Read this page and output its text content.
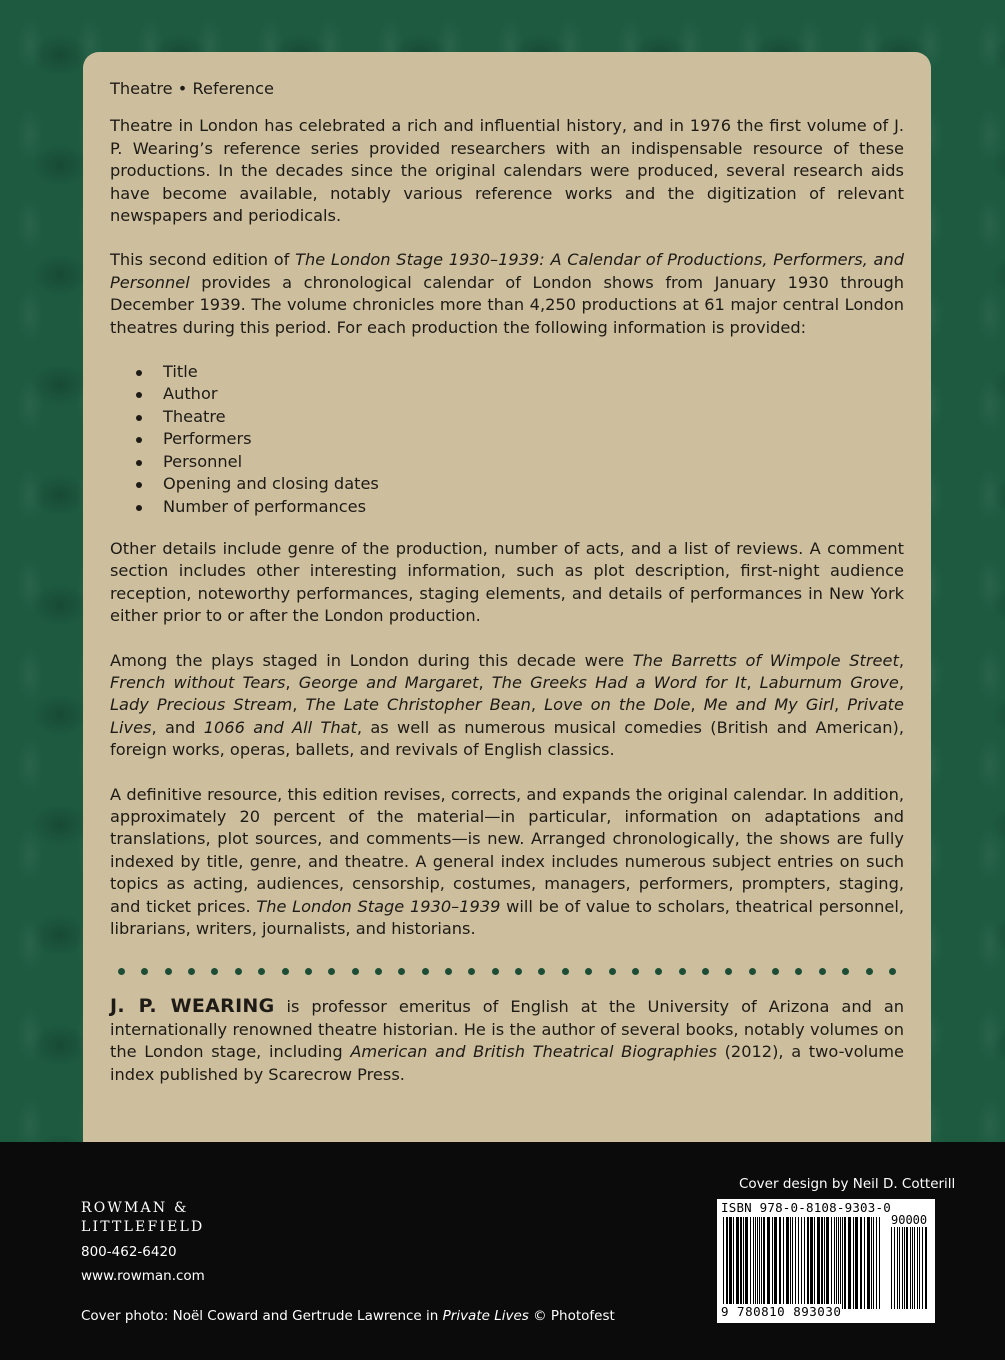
Theatre • Reference

Theatre in London has celebrated a rich and influential history, and in 1976 the first volume of J. P. Wearing’s reference series provided researchers with an indispensable resource of these productions. In the decades since the original calendars were produced, several research aids have become available, notably various reference works and the digitization of relevant newspapers and periodicals.

This second edition of The London Stage 1930–1939: A Calendar of Productions, Performers, and Personnel provides a chronological calendar of London shows from January 1930 through December 1939. The volume chronicles more than 4,250 productions at 61 major central London theatres during this period. For each production the following information is provided:

Title
Author
Theatre
Performers
Personnel
Opening and closing dates
Number of performances

Other details include genre of the production, number of acts, and a list of reviews. A comment section includes other interesting information, such as plot description, first-night audience reception, noteworthy performances, staging elements, and details of performances in New York either prior to or after the London production.

Among the plays staged in London during this decade were The Barretts of Wimpole Street, French without Tears, George and Margaret, The Greeks Had a Word for It, Laburnum Grove, Lady Precious Stream, The Late Christopher Bean, Love on the Dole, Me and My Girl, Private Lives, and 1066 and All That, as well as numerous musical comedies (British and American), foreign works, operas, ballets, and revivals of English classics.

A definitive resource, this edition revises, corrects, and expands the original calendar. In addition, approximately 20 percent of the material—in particular, information on adaptations and translations, plot sources, and comments—is new. Arranged chronologically, the shows are fully indexed by title, genre, and theatre. A general index includes numerous subject entries on such topics as acting, audiences, censorship, costumes, managers, performers, prompters, staging, and ticket prices. The London Stage 1930–1939 will be of value to scholars, theatrical personnel, librarians, writers, journalists, and historians.

J. P. WEARING is professor emeritus of English at the University of Arizona and an internationally renowned theatre historian. He is the author of several books, notably volumes on the London stage, including American and British Theatrical Biographies (2012), a two-volume index published by Scarecrow Press.

ROWMAN &
LITTLEFIELD
800-462-6420
www.rowman.com
Cover photo: Noël Coward and Gertrude Lawrence in Private Lives © Photofest
Cover design by Neil D. Cotterill
ISBN 978-0-8108-9303-0
90000
9 780810 893030
